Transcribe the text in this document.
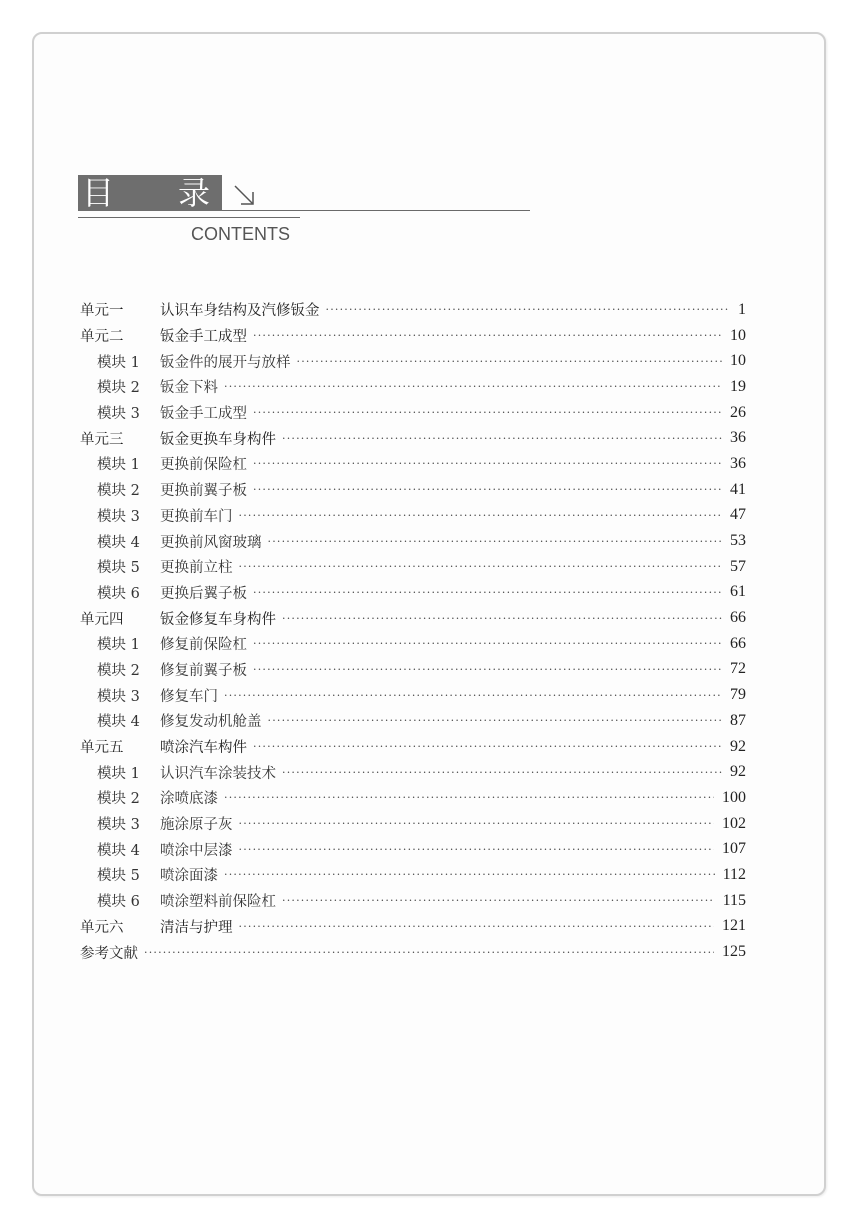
目 录
CONTENTS
单元一	认识车身结构及汽修钣金 ·····	1
单元二	钣金手工成型 ·····	10
模块 1	钣金件的展开与放样 ·····	10
模块 2	钣金下料 ·····	19
模块 3	钣金手工成型 ·····	26
单元三	钣金更换车身构件 ·····	36
模块 1	更换前保险杠 ·····	36
模块 2	更换前翼子板 ·····	41
模块 3	更换前车门 ·····	47
模块 4	更换前风窗玻璃 ·····	53
模块 5	更换前立柱 ·····	57
模块 6	更换后翼子板 ·····	61
单元四	钣金修复车身构件 ·····	66
模块 1	修复前保险杠 ·····	66
模块 2	修复前翼子板 ·····	72
模块 3	修复车门 ·····	79
模块 4	修复发动机舱盖 ·····	87
单元五	喷涂汽车构件 ·····	92
模块 1	认识汽车涂装技术 ·····	92
模块 2	涂喷底漆 ·····	100
模块 3	施涂原子灰 ·····	102
模块 4	喷涂中层漆 ·····	107
模块 5	喷涂面漆 ·····	112
模块 6	喷涂塑料前保险杠 ·····	115
单元六	清洁与护理 ·····	121
参考文献 ·····	125
